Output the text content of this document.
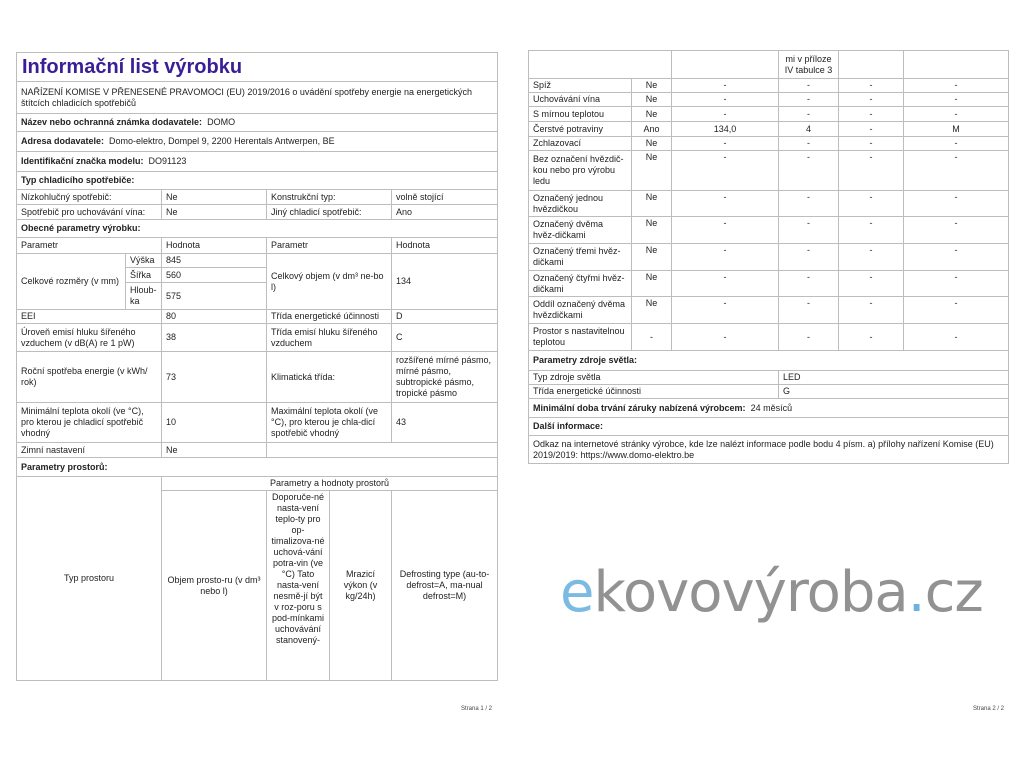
Informační list výrobku					
NAŘÍZENÍ KOMISE V PŘENESENÉ PRAVOMOCI (EU) 2019/2016 o uvádění spotřeby energie na energetických štítcích chladicích spotřebičů					
Název nebo ochranná známka dodavatele: DOMO					
Adresa dodavatele: Domo-elektro, Dompel 9, 2200 Herentals Antwerpen, BE					
Identifikační značka modelu: DO91123					
Typ chladicího spotřebiče:					
Nízkohlučný spotřebič:		Ne	Konstrukční typ:		volně stojící
Spotřebič pro uchovávání vína:		Ne	Jiný chladicí spotřebič:		Ano
Obecné parametry výrobku:					
Parametr		Hodnota	Parametr		Hodnota
Celkové rozměry (v mm)	Výška	845	Celkový objem (v dm³ ne-bo l)		134
	Šířka	560			
	Hloub-ka	575			
EEI		80	Třída energetické účinnosti		D
Úroveň emisí hluku šířeného vzduchem (v dB(A) re 1 pW)		38	Třída emisí hluku šířeného vzduchem		C
Roční spotřeba energie (v kWh/ rok)		73	Klimatická třída:		rozšířené mírné pásmo, mírné pásmo, subtropické pásmo, tropické pásmo
Minimální teplota okolí (ve °C), pro kterou je chladicí spotřebič vhodný		10	Maximální teplota okolí (ve °C), pro kterou je chla-dicí spotřebič vhodný		43
Zimní nastavení		Ne			
Parametry prostorů:					
Typ prostoru		Parametry a hodnoty prostorů			
		Objem prosto-ru (v dm³ nebo l)	Doporuče-né nasta-vení teplo-ty pro op-timalizova-né uchová-vání potra-vin (ve °C) Tato nasta-vení nesmě-jí být v roz-poru s pod-mínkami uchovávání stanovený-	Mrazicí výkon (v kg/24h)	Defrosting type (au-to-defrost=A, ma-nual defrost=M) ekovovýroba.cz
Strana 1 / 2
			mi v příloze IV tabulce 3		
Spíž	Ne	-	-	-	-
Uchovávání vína	Ne	-	-	-	-
S mírnou teplotou	Ne	-	-	-	-
Čerstvé potraviny	Ano	134,0	4	-	M
Zchlazovací	Ne	-	-	-	-
Bez označení hvězdič-kou nebo pro výrobu ledu	Ne	-	-	-	-
Označený jednou hvězdičkou	Ne	-	-	-	-
Označený dvěma hvěz-dičkami	Ne	-	-	-	-
Označený třemi hvěz-dičkami	Ne	-	-	-	-
Označený čtyřmi hvěz-dičkami	Ne	-	-	-	-
Oddíl označený dvěma hvězdičkami	Ne	-	-	-	-
Prostor s nastavitelnou teplotou	-	-	-	-	-
Parametry zdroje světla:					
Typ zdroje světla			LED		
Třída energetické účinnosti			G		
Minimální doba trvání záruky nabízená výrobcem: 24 měsíců					
Další informace:					
Odkaz na internetové stránky výrobce, kde lze nalézt informace podle bodu 4 písm. a) přílohy nařízení Komise (EU) 2019/2019: https://www.domo-elektro.be					
Strana 2 / 2
